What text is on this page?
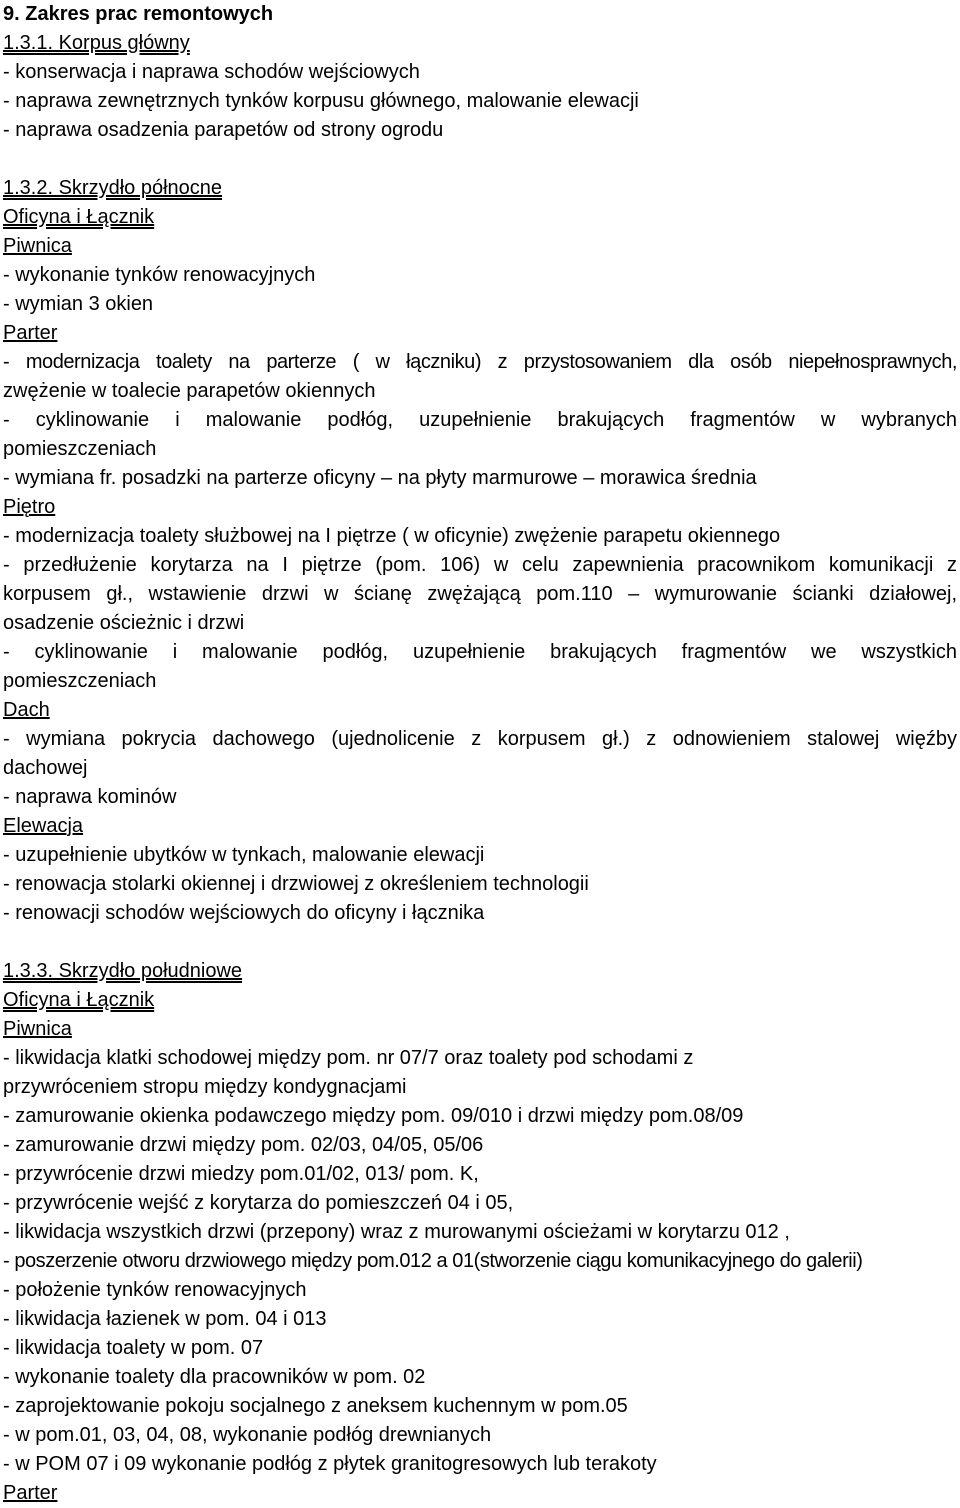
9. Zakres prac remontowych
1.3.1. Korpus główny
- konserwacja i naprawa schodów wejściowych
- naprawa zewnętrznych tynków korpusu głównego, malowanie elewacji
- naprawa osadzenia parapetów od strony ogrodu
1.3.2. Skrzydło północne
Oficyna i Łącznik
Piwnica
- wykonanie tynków renowacyjnych
- wymian 3 okien
Parter
- modernizacja toalety na parterze ( w łączniku) z przystosowaniem dla osób niepełnosprawnych,
zwężenie w toalecie parapetów okiennych
- cyklinowanie i malowanie podłóg, uzupełnienie brakujących fragmentów w wybranych
pomieszczeniach
- wymiana fr. posadzki na parterze oficyny – na płyty marmurowe – morawica średnia
Piętro
- modernizacja toalety służbowej na I piętrze ( w oficynie) zwężenie parapetu okiennego
- przedłużenie korytarza na I piętrze (pom. 106) w celu zapewnienia pracownikom komunikacji z
korpusem gł., wstawienie drzwi w ścianę zwężającą pom.110 – wymurowanie ścianki działowej,
osadzenie ościeżnic i drzwi
- cyklinowanie i malowanie podłóg, uzupełnienie brakujących fragmentów we wszystkich
pomieszczeniach
Dach
- wymiana pokrycia dachowego (ujednolicenie z korpusem gł.) z odnowieniem stalowej więźby
dachowej
- naprawa kominów
Elewacja
- uzupełnienie ubytków w tynkach, malowanie elewacji
- renowacja stolarki okiennej i drzwiowej z określeniem technologii
- renowacji schodów wejściowych do oficyny i łącznika
1.3.3. Skrzydło południowe
Oficyna i Łącznik
Piwnica
- likwidacja klatki schodowej między pom. nr 07/7 oraz toalety pod schodami z
przywróceniem stropu między kondygnacjami
- zamurowanie okienka podawczego między pom. 09/010 i drzwi między pom.08/09
- zamurowanie drzwi między pom. 02/03, 04/05, 05/06
- przywrócenie drzwi miedzy pom.01/02, 013/ pom. K,
- przywrócenie wejść z korytarza do pomieszczeń 04 i 05,
- likwidacja wszystkich drzwi (przepony) wraz z murowanymi ościeżami w korytarzu 012 ,
- poszerzenie otworu drzwiowego między pom.012 a 01(stworzenie ciągu komunikacyjnego do galerii)
- położenie tynków renowacyjnych
- likwidacja łazienek w pom. 04 i 013
- likwidacja toalety w pom. 07
- wykonanie toalety dla pracowników w pom. 02
- zaprojektowanie pokoju socjalnego z aneksem kuchennym w pom.05
- w pom.01, 03, 04, 08, wykonanie podłóg drewnianych
- w POM 07 i 09 wykonanie podłóg z płytek granitogresowych lub terakoty
Parter
